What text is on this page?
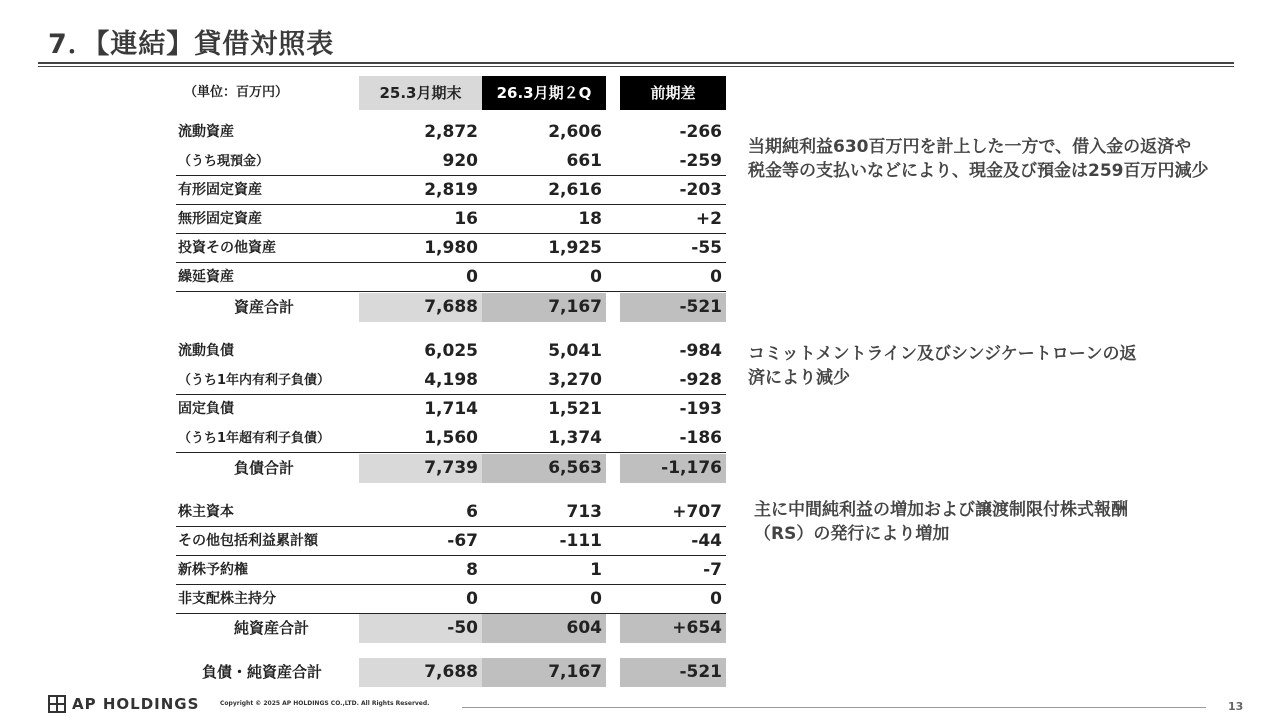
7．【連結】貸借対照表
（単位：百万円）	25.3月期末	26.3月期２Q	前期差
流動資産	2,872	2,606	-266
（うち現預金）	920	661	-259
有形固定資産	2,819	2,616	-203
無形固定資産	16	18	+2
投資その他資産	1,980	1,925	-55
繰延資産	0	0	0
資産合計	7,688	7,167	-521
流動負債	6,025	5,041	-984
（うち1年内有利子負債）	4,198	3,270	-928
固定負債	1,714	1,521	-193
（うち1年超有利子負債）	1,560	1,374	-186
負債合計	7,739	6,563	-1,176
株主資本	6	713	+707
その他包括利益累計額	-67	-111	-44
新株予約権	8	1	-7
非支配株主持分	0	0	0
純資産合計	-50	604	+654
負債・純資産合計	7,688	7,167	-521
当期純利益630百万円を計上した一方で、借入金の返済や
税金等の支払いなどにより、現金及び預金は259百万円減少
コミットメントライン及びシンジケートローンの返
済により減少
主に中間純利益の増加および譲渡制限付株式報酬
（RS）の発行により増加
AP HOLDINGS	Copyright © 2025 AP HOLDINGS CO.,LTD. All Rights Reserved.	13
